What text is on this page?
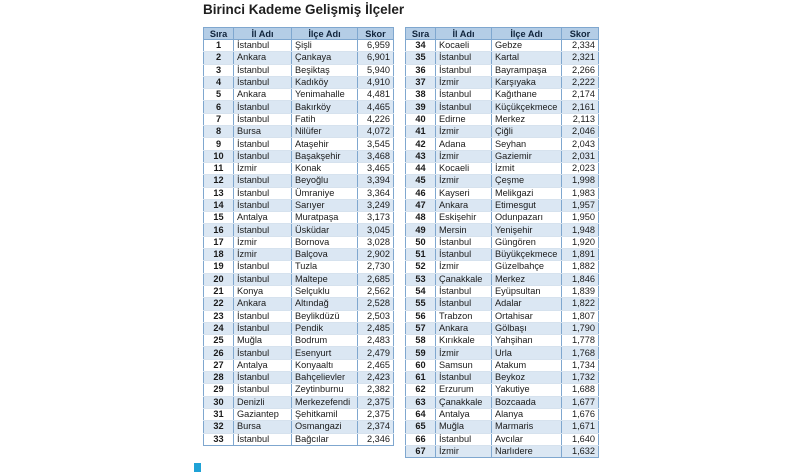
Birinci Kademe Gelişmiş İlçeler
Sıra	İl Adı	İlçe Adı	Skor
1	İstanbul	Şişli	6,959
2	Ankara	Çankaya	6,901
3	İstanbul	Beşiktaş	5,940
4	İstanbul	Kadıköy	4,910
5	Ankara	Yenimahalle	4,481
6	İstanbul	Bakırköy	4,465
7	İstanbul	Fatih	4,226
8	Bursa	Nilüfer	4,072
9	İstanbul	Ataşehir	3,545
10	İstanbul	Başakşehir	3,468
11	İzmir	Konak	3,465
12	İstanbul	Beyoğlu	3,394
13	İstanbul	Ümraniye	3,364
14	İstanbul	Sarıyer	3,249
15	Antalya	Muratpaşa	3,173
16	İstanbul	Üsküdar	3,045
17	İzmir	Bornova	3,028
18	İzmir	Balçova	2,902
19	İstanbul	Tuzla	2,730
20	İstanbul	Maltepe	2,685
21	Konya	Selçuklu	2,562
22	Ankara	Altındağ	2,528
23	İstanbul	Beylikdüzü	2,503
24	İstanbul	Pendik	2,485
25	Muğla	Bodrum	2,483
26	İstanbul	Esenyurt	2,479
27	Antalya	Konyaaltı	2,465
28	İstanbul	Bahçelievler	2,423
29	İstanbul	Zeytinburnu	2,382
30	Denizli	Merkezefendi	2,375
31	Gaziantep	Şehitkamil	2,375
32	Bursa	Osmangazi	2,374
33	İstanbul	Bağcılar	2,346
Sıra	İl Adı	İlçe Adı	Skor
34	Kocaeli	Gebze	2,334
35	İstanbul	Kartal	2,321
36	İstanbul	Bayrampaşa	2,266
37	İzmir	Karşıyaka	2,222
38	İstanbul	Kağıthane	2,174
39	İstanbul	Küçükçekmece	2,161
40	Edirne	Merkez	2,113
41	İzmir	Çiğli	2,046
42	Adana	Seyhan	2,043
43	İzmir	Gaziemir	2,031
44	Kocaeli	İzmit	2,023
45	İzmir	Çeşme	1,998
46	Kayseri	Melikgazi	1,983
47	Ankara	Etimesgut	1,957
48	Eskişehir	Odunpazarı	1,950
49	Mersin	Yenişehir	1,948
50	İstanbul	Güngören	1,920
51	İstanbul	Büyükçekmece	1,891
52	İzmir	Güzelbahçe	1,882
53	Çanakkale	Merkez	1,846
54	İstanbul	Eyüpsultan	1,839
55	İstanbul	Adalar	1,822
56	Trabzon	Ortahisar	1,807
57	Ankara	Gölbaşı	1,790
58	Kırıkkale	Yahşihan	1,778
59	İzmir	Urla	1,768
60	Samsun	Atakum	1,734
61	İstanbul	Beykoz	1,732
62	Erzurum	Yakutiye	1,688
63	Çanakkale	Bozcaada	1,677
64	Antalya	Alanya	1,676
65	Muğla	Marmaris	1,671
66	İstanbul	Avcılar	1,640
67	İzmir	Narlıdere	1,632
